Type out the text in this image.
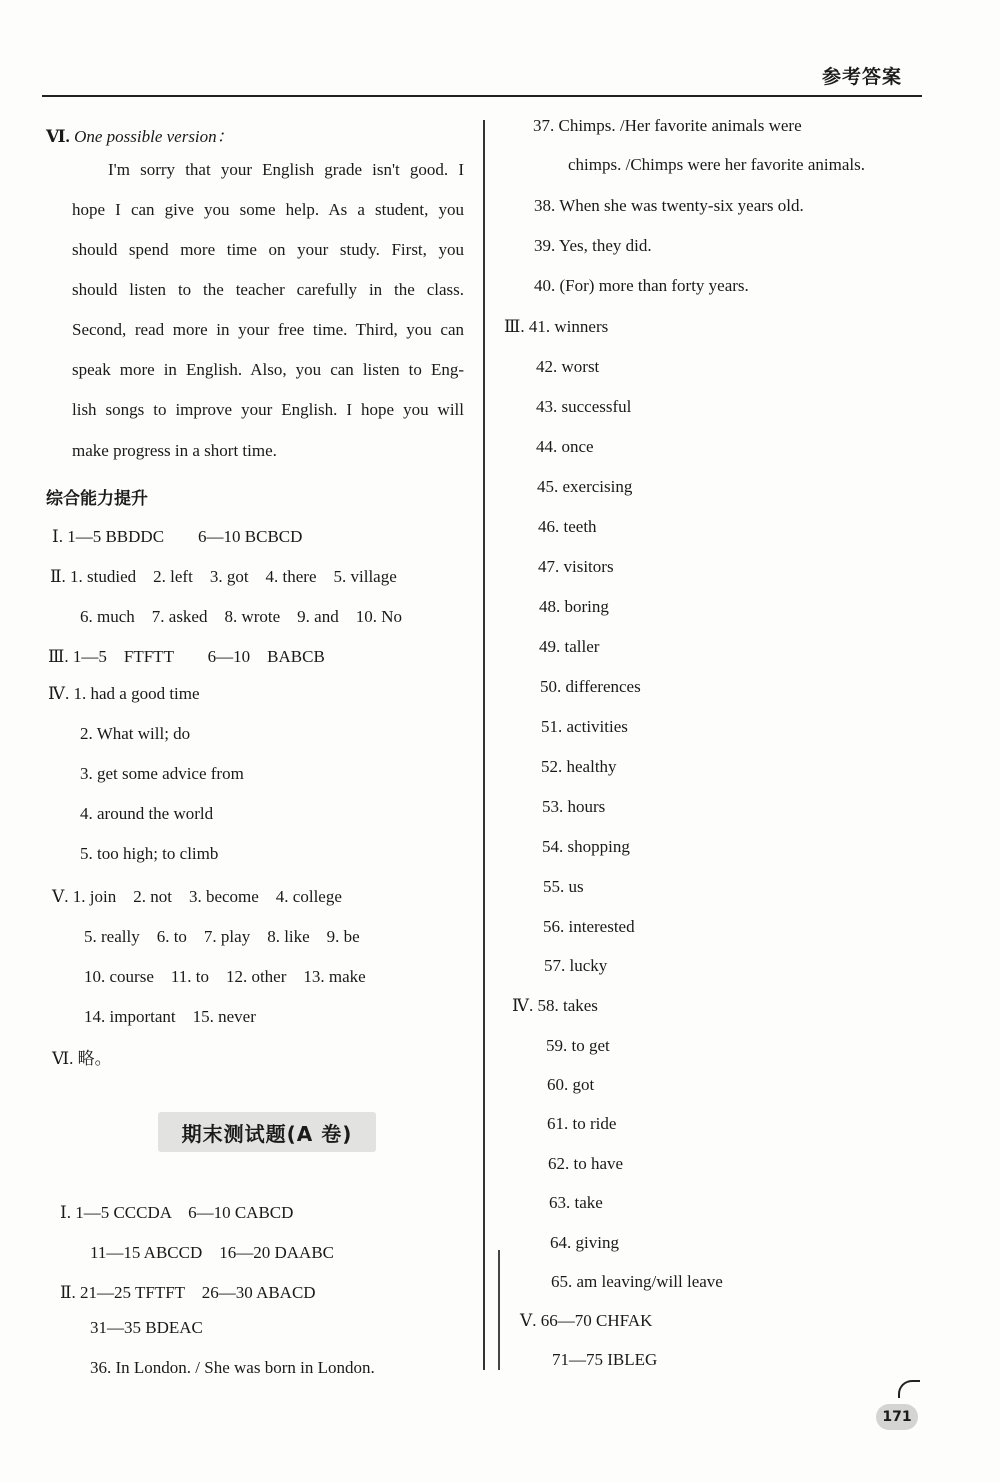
参考答案
Ⅵ. One possible version：
I'm sorry that your English grade isn't good. I
hope I can give you some help. As a student, you
should spend more time on your study. First, you
should listen to the teacher carefully in the class.
Second, read more in your free time. Third, you can
speak more in English. Also, you can listen to Eng-
lish songs to improve your English. I hope you will
make progress in a short time.
综合能力提升
Ⅰ. 1—5 BBDDC　　6—10 BCBCD
Ⅱ. 1. studied　2. left　3. got　4. there　5. village
6. much　7. asked　8. wrote　9. and　10. No
Ⅲ. 1—5　FTFTT　　6—10　BABCB
Ⅳ. 1. had a good time
2. What will; do
3. get some advice from
4. around the world
5. too high; to climb
Ⅴ. 1. join　2. not　3. become　4. college
5. really　6. to　7. play　8. like　9. be
10. course　11. to　12. other　13. make
14. important　15. never
Ⅵ. 略。
期末测试题(A 卷)
Ⅰ. 1—5 CCCDA　6—10 CABCD
11—15 ABCCD　16—20 DAABC
Ⅱ. 21—25 TFTFT　26—30 ABACD
31—35 BDEAC
36. In London. / She was born in London.
37. Chimps. /Her favorite animals were
chimps. /Chimps were her favorite animals.
38. When she was twenty-six years old.
39. Yes, they did.
40. (For) more than forty years.
Ⅲ. 41. winners
42. worst
43. successful
44. once
45. exercising
46. teeth
47. visitors
48. boring
49. taller
50. differences
51. activities
52. healthy
53. hours
54. shopping
55. us
56. interested
57. lucky
Ⅳ. 58. takes
59. to get
60. got
61. to ride
62. to have
63. take
64. giving
65. am leaving/will leave
Ⅴ. 66—70 CHFAK
71—75 IBLEG
171
